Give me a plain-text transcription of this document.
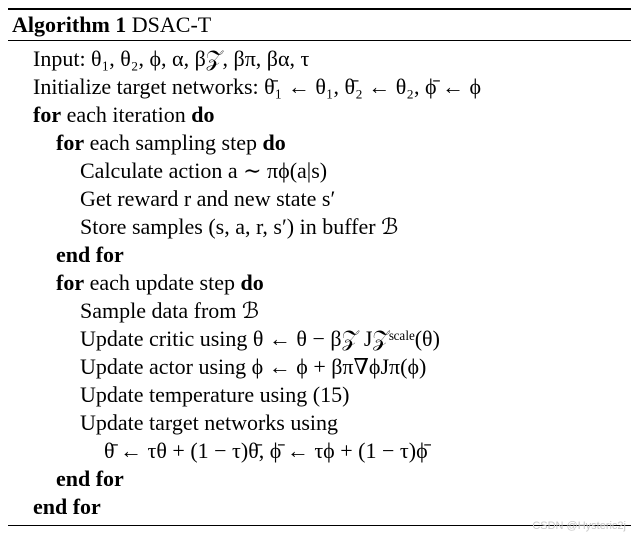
Algorithm 1 DSAC-T
Input: θ₁, θ₂, ϕ, α, β𝒵, βπ, βα, τ
Initialize target networks: θ̄₁ ← θ₁, θ̄₂ ← θ₂, ϕ̄ ← ϕ
for each iteration do
for each sampling step do
Calculate action a ∼ πϕ(a|s)
Get reward r and new state s′
Store samples (s, a, r, s′) in buffer ℬ
end for
for each update step do
Sample data from ℬ
Update critic using θ ← θ − β𝒵 J𝒵ˢᶜᵃˡᵉ(θ)
Update actor using ϕ ← ϕ + βπ∇ϕJπ(ϕ)
Update temperature using (15)
Update target networks using
θ̄ ← τθ + (1 − τ)θ̄, ϕ̄ ← τϕ + (1 − τ)ϕ̄
end for
end for
CSDN @Hysteric2j
